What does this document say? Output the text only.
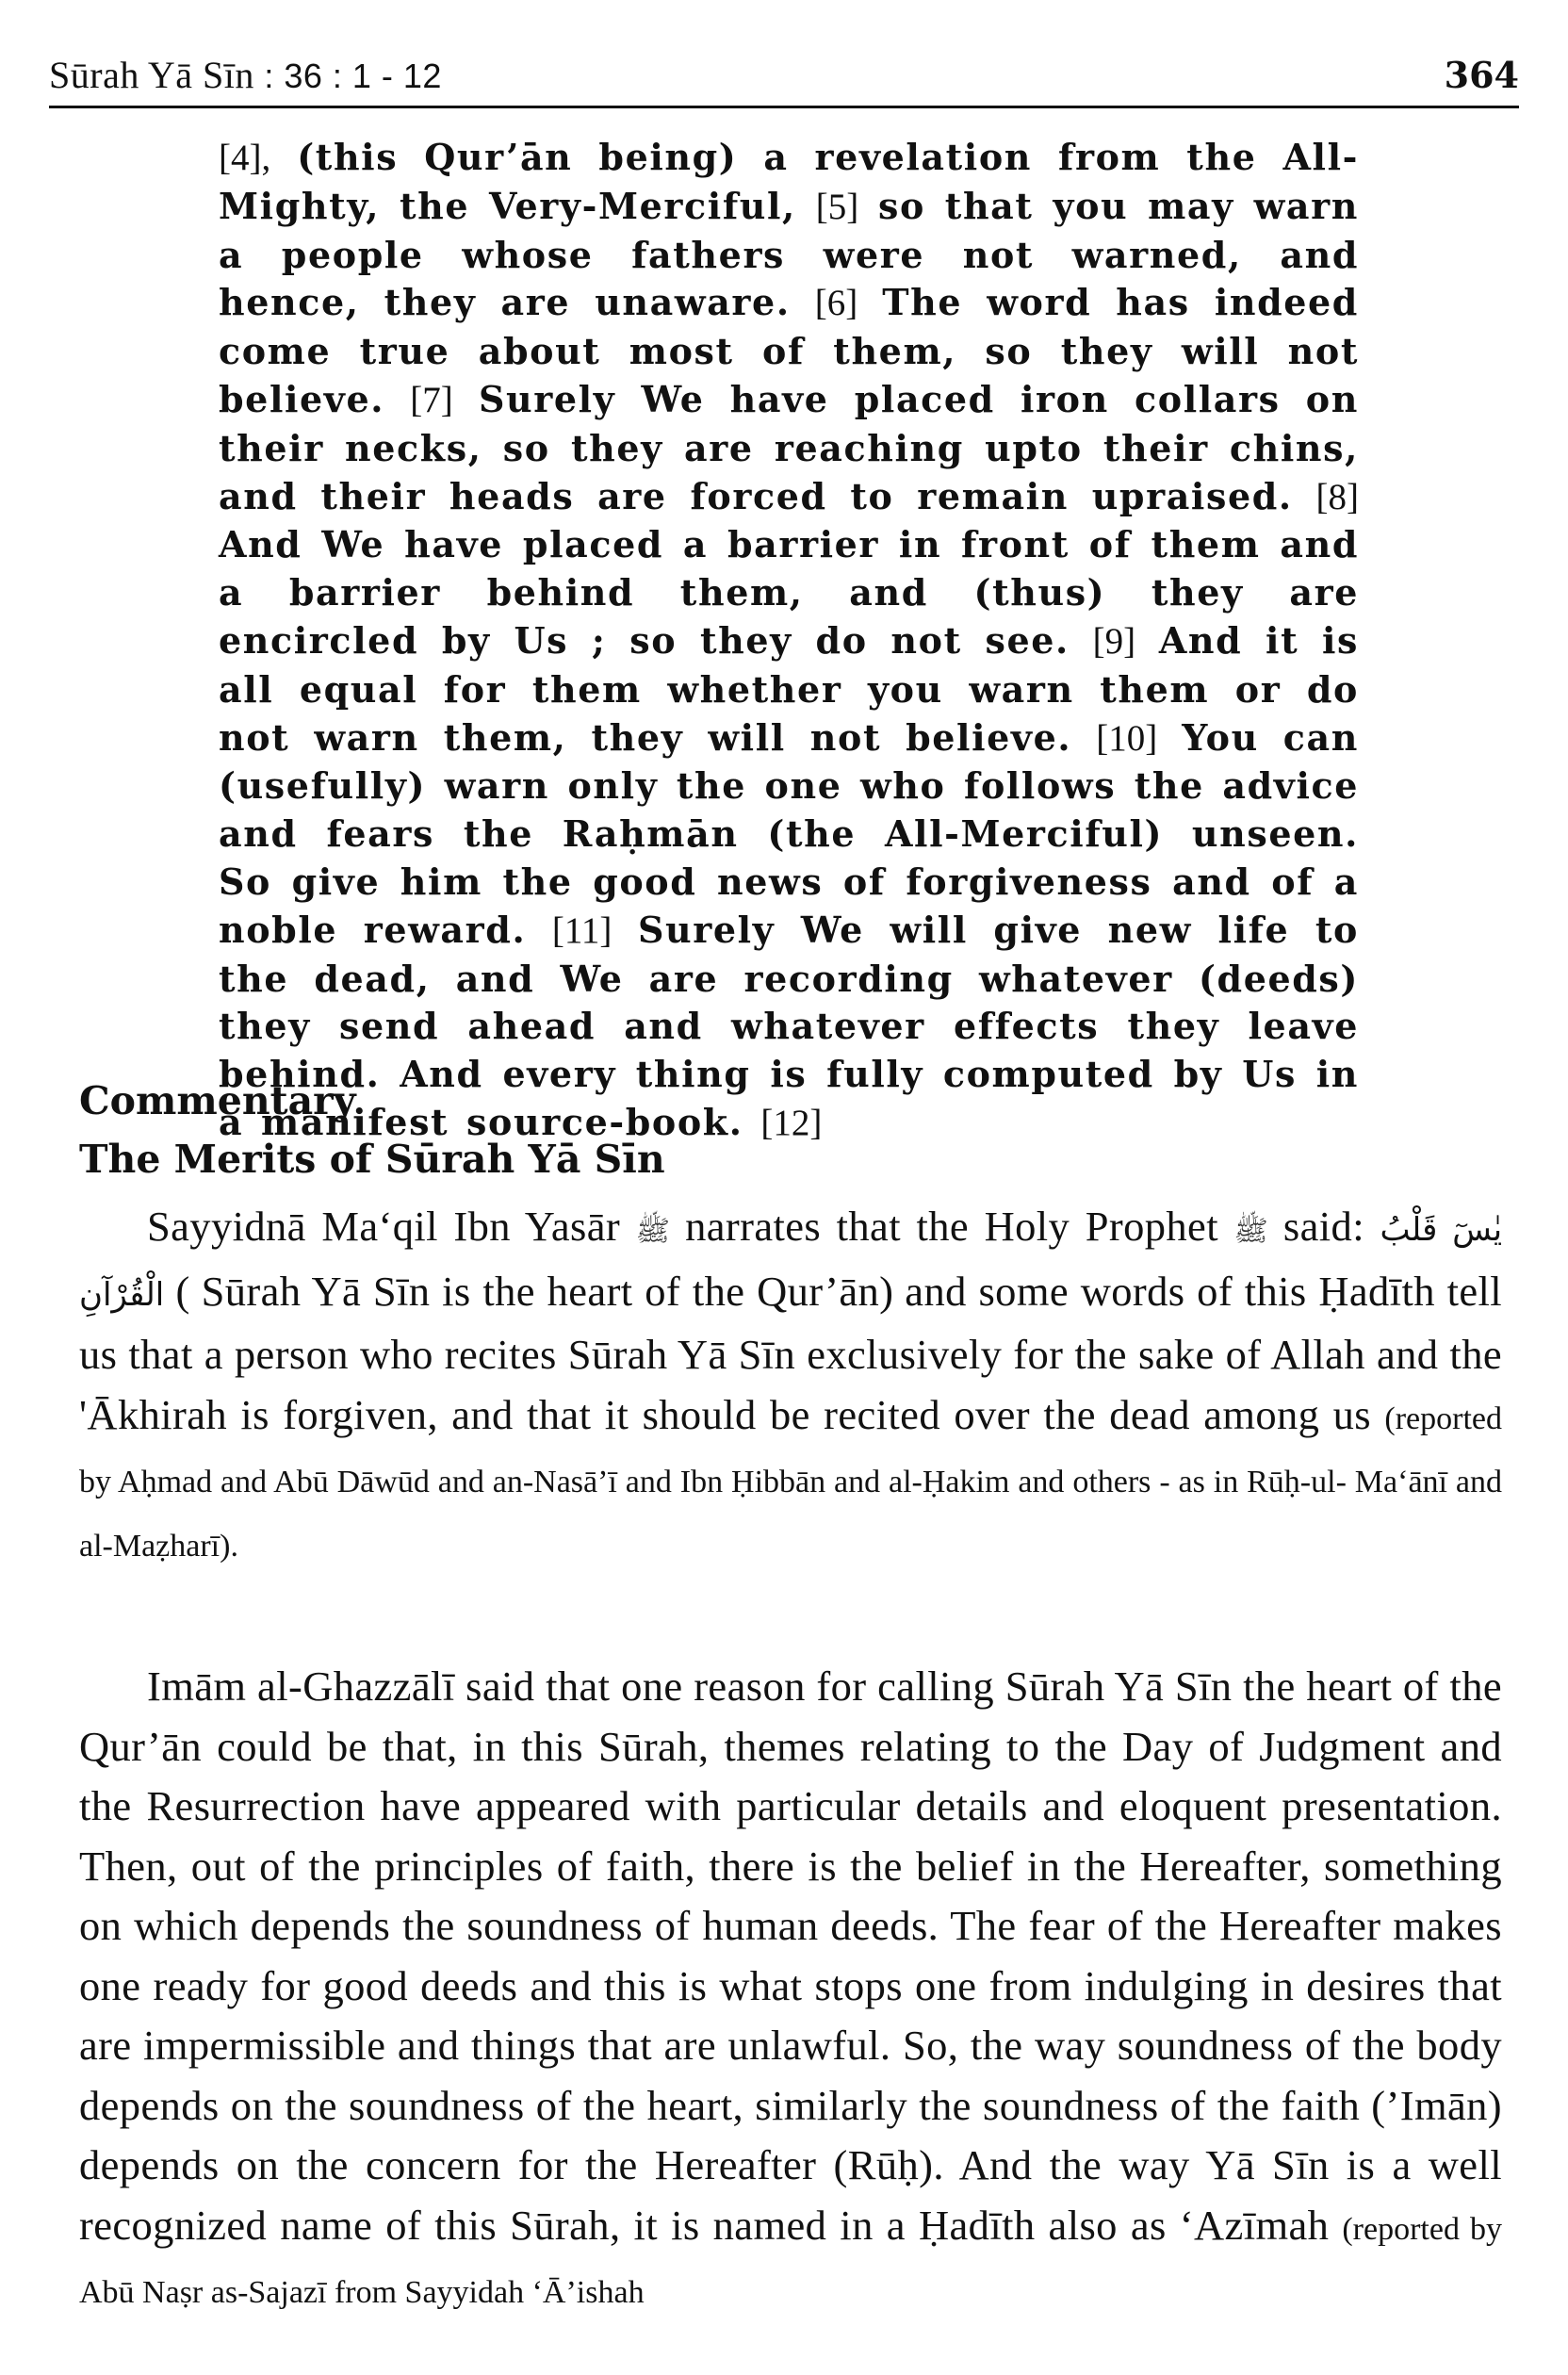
Sūrah Yā Sīn : 36 : 1 - 12	364

[4], (this Qur’ān being) a revelation from the All-Mighty, the Very-Merciful, [5] so that you may warn a people whose fathers were not warned, and hence, they are unaware. [6] The word has indeed come true about most of them, so they will not believe. [7] Surely We have placed iron collars on their necks, so they are reaching upto their chins, and their heads are forced to remain upraised. [8] And We have placed a barrier in front of them and a barrier behind them, and (thus) they are encircled by Us ; so they do not see. [9] And it is all equal for them whether you warn them or do not warn them, they will not believe. [10] You can (usefully) warn only the one who follows the advice and fears the Raḥmān (the All-Merciful) unseen. So give him the good news of forgiveness and of a noble reward. [11] Surely We will give new life to the dead, and We are recording whatever (deeds) they send ahead and whatever effects they leave behind. And every thing is fully computed by Us in a manifest source-book. [12]

Commentary
The Merits of Sūrah Yā Sīn

Sayyidnā Ma‘qil Ibn Yasār ﷺ narrates that the Holy Prophet ﷺ said: يٰسٓ قَلْبُ الْقُرْآنِ ( Sūrah Yā Sīn is the heart of the Qur’ān) and some words of this Ḥadīth tell us that a person who recites Sūrah Yā Sīn exclusively for the sake of Allah and the 'Ākhirah is forgiven, and that it should be recited over the dead among us (reported by Aḥmad and Abū Dāwūd and an-Nasā’ī and Ibn Ḥibbān and al-Ḥakim and others - as in Rūḥ-ul- Ma‘ānī and al-Maẓharī).

Imām al-Ghazzālī said that one reason for calling Sūrah Yā Sīn the heart of the Qur’ān could be that, in this Sūrah, themes relating to the Day of Judgment and the Resurrection have appeared with particular details and eloquent presentation. Then, out of the principles of faith, there is the belief in the Hereafter, something on which depends the soundness of human deeds. The fear of the Hereafter makes one ready for good deeds and this is what stops one from indulging in desires that are impermissible and things that are unlawful. So, the way soundness of the body depends on the soundness of the heart, similarly the soundness of the faith (’Imān) depends on the concern for the Hereafter (Rūḥ). And the way Yā Sīn is a well recognized name of this Sūrah, it is named in a Ḥadīth also as ‘Azīmah (reported by Abū Naṣr as-Sajazī from Sayyidah ‘Ā’ishah
